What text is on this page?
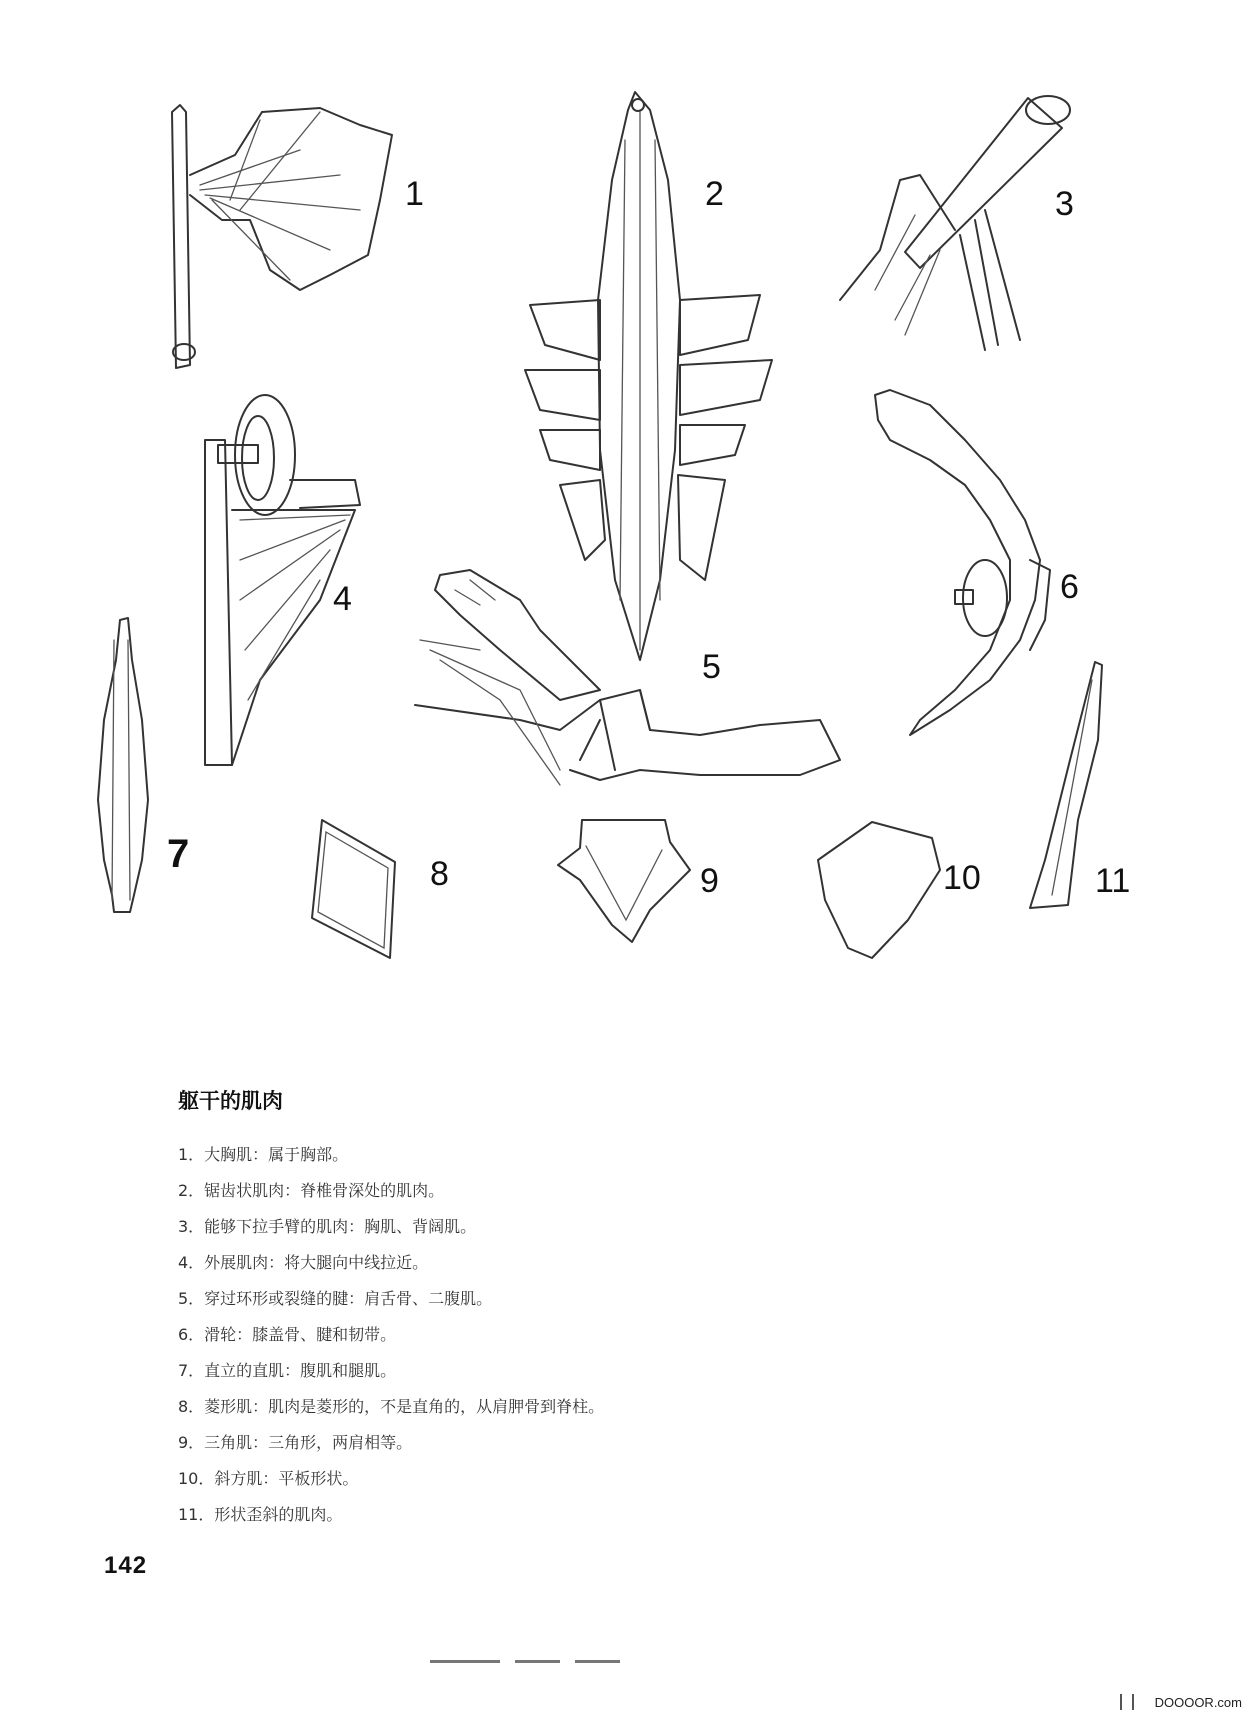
1	2	3
4
5
6
7	8	9	10	11
躯干的肌肉
1．大胸肌：属于胸部。
2．锯齿状肌肉：脊椎骨深处的肌肉。
3．能够下拉手臂的肌肉：胸肌、背阔肌。
4．外展肌肉：将大腿向中线拉近。
5．穿过环形或裂缝的腱：肩舌骨、二腹肌。
6．滑轮：膝盖骨、腱和韧带。
7．直立的直肌：腹肌和腿肌。
8．菱形肌：肌肉是菱形的，不是直角的，从肩胛骨到脊柱。
9．三角肌：三角形，两肩相等。
10．斜方肌：平板形状。
11．形状歪斜的肌肉。
142
DOOOOR.com
